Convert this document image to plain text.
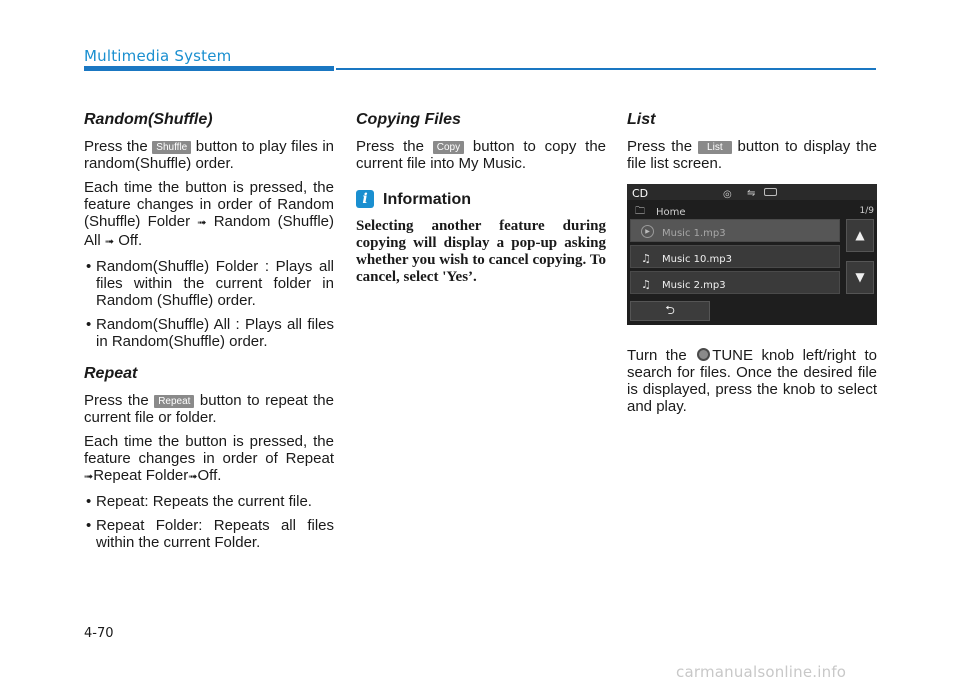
Multimedia System
Random(Shuffle)

Press the Shuffle button to play files in random(Shuffle) order.

Each time the button is pressed, the feature changes in order of Random (Shuffle) Folder ➟ Random (Shuffle) All ➟ Off.

• Random(Shuffle) Folder : Plays all files within the current folder in Random (Shuffle) order.
• Random(Shuffle) All : Plays all files in Random(Shuffle) order.
Repeat

Press the Repeat button to repeat the current file or folder.

Each time the button is pressed, the feature changes in order of Repeat ➟Repeat Folder➟Off.

• Repeat: Repeats the current file.
• Repeat Folder: Repeats all files within the current Folder.
Copying Files

Press the Copy button to copy the current file into My Music.

i Information

Selecting another feature during copying will display a pop-up asking whether you wish to cancel copying. To cancel, select 'Yes’.

List

Press the List button to display the file list screen.

CD	◎ ⇋
🗀 Home	1/9
▶	Music 1.mp3
♫ Music 10.mp3
♫ Music 2.mp3
▲
▼
⮌

Turn the TUNE knob left/right to search for files. Once the desired file is displayed, press the knob to select and play.

4-70
carmanualsonline.info
